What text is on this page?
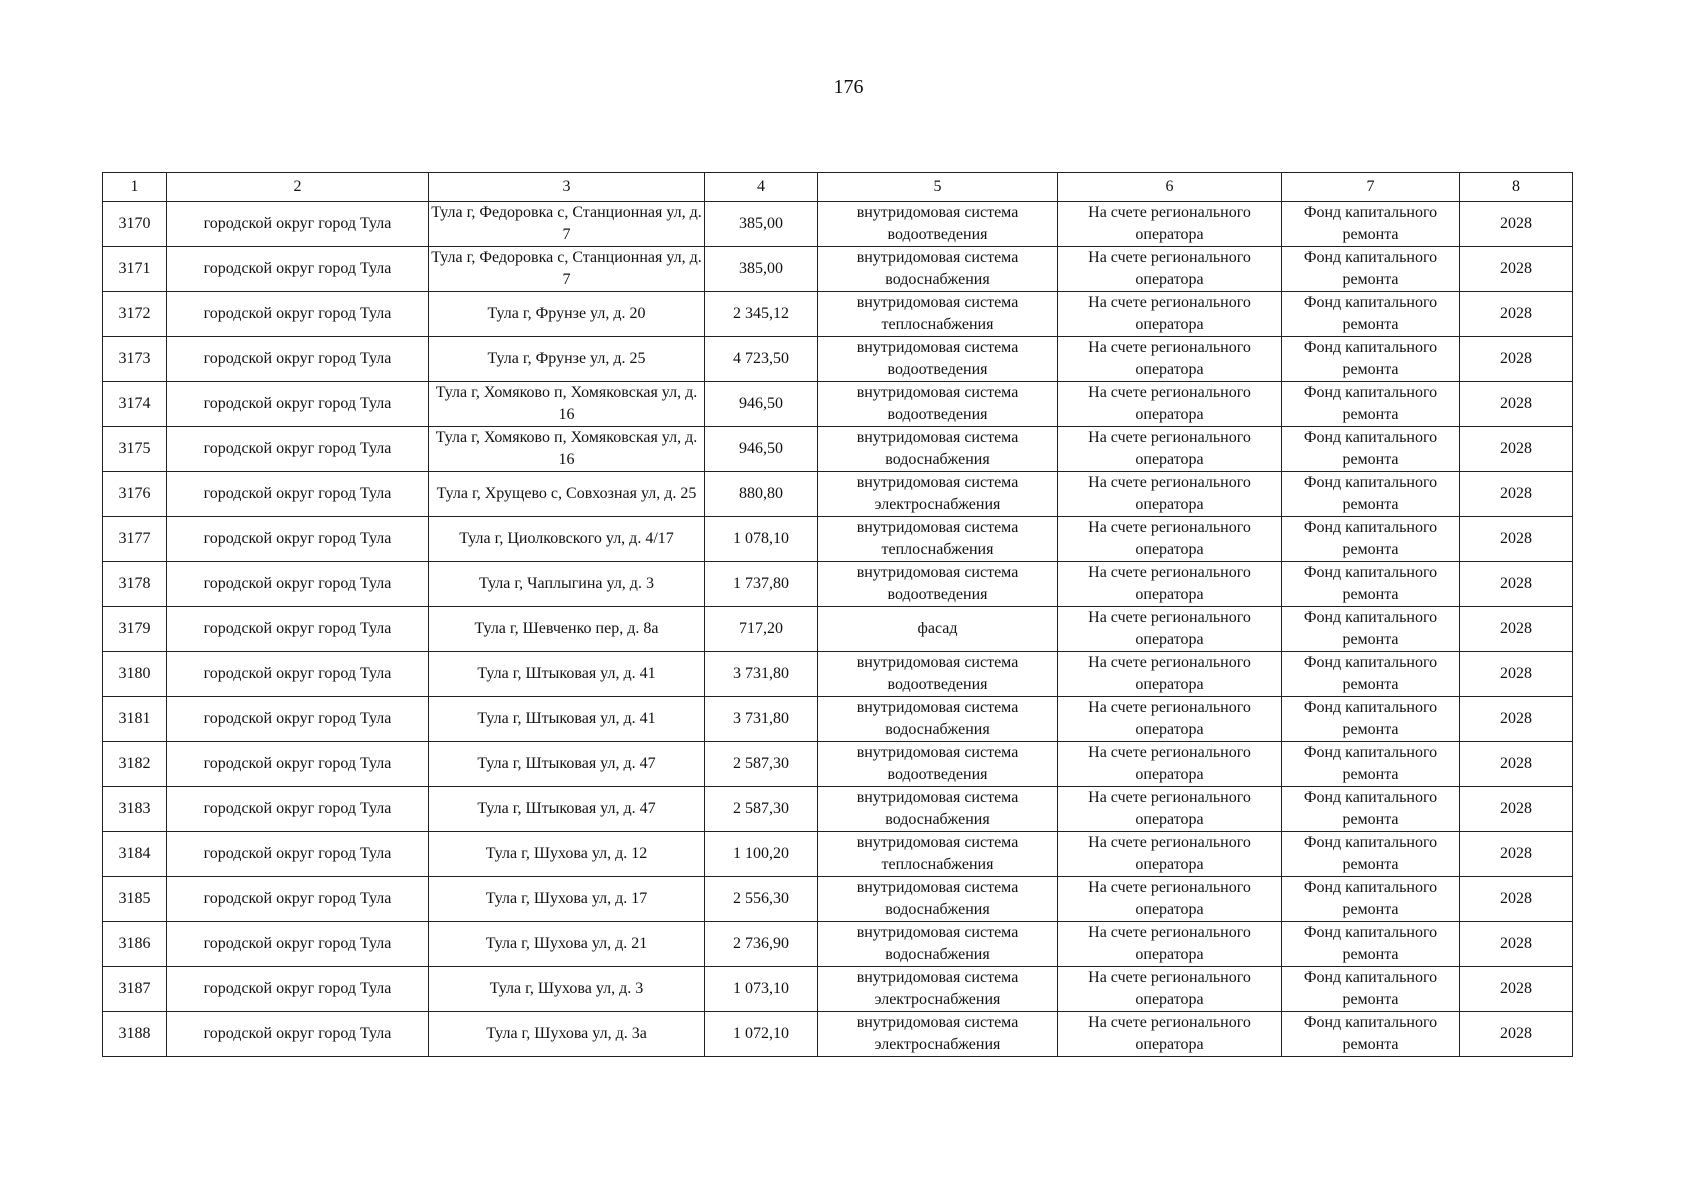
176
1	2	3	4	5	6	7	8
3170	городской округ город Тула	Тула г, Федоровка с, Станционная ул, д. 7	385,00	внутридомовая система водоотведения	На счете регионального оператора	Фонд капитального ремонта	2028
3171	городской округ город Тула	Тула г, Федоровка с, Станционная ул, д. 7	385,00	внутридомовая система водоснабжения	На счете регионального оператора	Фонд капитального ремонта	2028
3172	городской округ город Тула	Тула г, Фрунзе ул, д. 20	2 345,12	внутридомовая система теплоснабжения	На счете регионального оператора	Фонд капитального ремонта	2028
3173	городской округ город Тула	Тула г, Фрунзе ул, д. 25	4 723,50	внутридомовая система водоотведения	На счете регионального оператора	Фонд капитального ремонта	2028
3174	городской округ город Тула	Тула г, Хомяково п, Хомяковская ул, д. 16	946,50	внутридомовая система водоотведения	На счете регионального оператора	Фонд капитального ремонта	2028
3175	городской округ город Тула	Тула г, Хомяково п, Хомяковская ул, д. 16	946,50	внутридомовая система водоснабжения	На счете регионального оператора	Фонд капитального ремонта	2028
3176	городской округ город Тула	Тула г, Хрущево с, Совхозная ул, д. 25	880,80	внутридомовая система электроснабжения	На счете регионального оператора	Фонд капитального ремонта	2028
3177	городской округ город Тула	Тула г, Циолковского ул, д. 4/17	1 078,10	внутридомовая система теплоснабжения	На счете регионального оператора	Фонд капитального ремонта	2028
3178	городской округ город Тула	Тула г, Чаплыгина ул, д. 3	1 737,80	внутридомовая система водоотведения	На счете регионального оператора	Фонд капитального ремонта	2028
3179	городской округ город Тула	Тула г, Шевченко пер, д. 8а	717,20	фасад	На счете регионального оператора	Фонд капитального ремонта	2028
3180	городской округ город Тула	Тула г, Штыковая ул, д. 41	3 731,80	внутридомовая система водоотведения	На счете регионального оператора	Фонд капитального ремонта	2028
3181	городской округ город Тула	Тула г, Штыковая ул, д. 41	3 731,80	внутридомовая система водоснабжения	На счете регионального оператора	Фонд капитального ремонта	2028
3182	городской округ город Тула	Тула г, Штыковая ул, д. 47	2 587,30	внутридомовая система водоотведения	На счете регионального оператора	Фонд капитального ремонта	2028
3183	городской округ город Тула	Тула г, Штыковая ул, д. 47	2 587,30	внутридомовая система водоснабжения	На счете регионального оператора	Фонд капитального ремонта	2028
3184	городской округ город Тула	Тула г, Шухова ул, д. 12	1 100,20	внутридомовая система теплоснабжения	На счете регионального оператора	Фонд капитального ремонта	2028
3185	городской округ город Тула	Тула г, Шухова ул, д. 17	2 556,30	внутридомовая система водоснабжения	На счете регионального оператора	Фонд капитального ремонта	2028
3186	городской округ город Тула	Тула г, Шухова ул, д. 21	2 736,90	внутридомовая система водоснабжения	На счете регионального оператора	Фонд капитального ремонта	2028
3187	городской округ город Тула	Тула г, Шухова ул, д. 3	1 073,10	внутридомовая система электроснабжения	На счете регионального оператора	Фонд капитального ремонта	2028
3188	городской округ город Тула	Тула г, Шухова ул, д. 3а	1 072,10	внутридомовая система электроснабжения	На счете регионального оператора	Фонд капитального ремонта	2028
